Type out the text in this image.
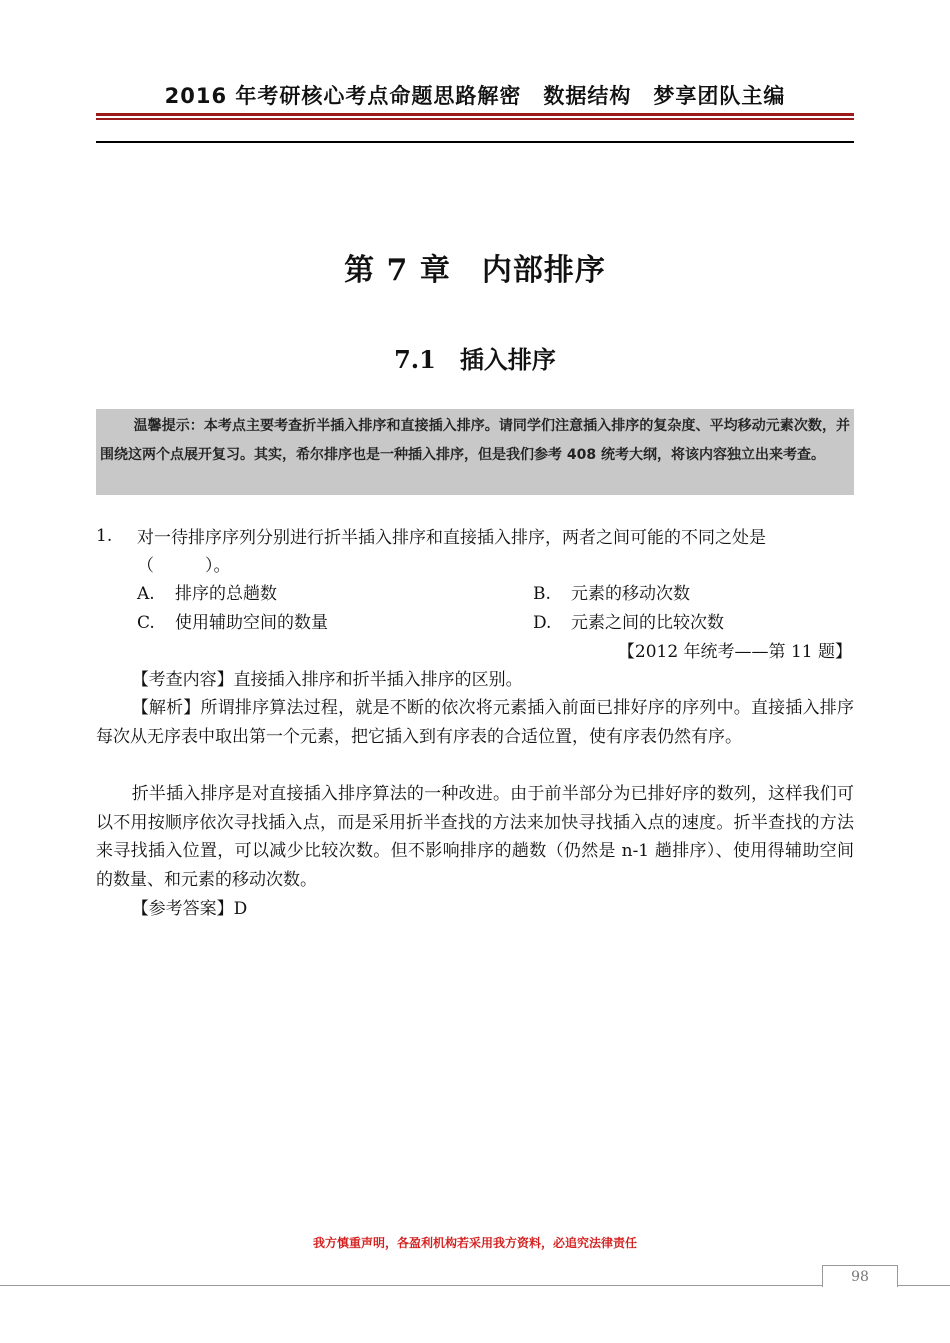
2016 年考研核心考点命题思路解密　数据结构　梦享团队主编
第 7 章　内部排序
7.1　插入排序
温馨提示：本考点主要考查折半插入排序和直接插入排序。请同学们注意插入排序的复杂度、平均移动元素次数，并围绕这两个点展开复习。其实，希尔排序也是一种插入排序，但是我们参考 408 统考大纲，将该内容独立出来考查。
1. 对一待排序序列分别进行折半插入排序和直接插入排序，两者之间可能的不同之处是（　　　）。
A. 排序的总趟数	B. 元素的移动次数
C. 使用辅助空间的数量	D. 元素之间的比较次数
【2012 年统考——第 11 题】
【考查内容】直接插入排序和折半插入排序的区别。
【解析】所谓排序算法过程，就是不断的依次将元素插入前面已排好序的序列中。直接插入排序每次从无序表中取出第一个元素，把它插入到有序表的合适位置，使有序表仍然有序。
折半插入排序是对直接插入排序算法的一种改进。由于前半部分为已排好序的数列，这样我们可以不用按顺序依次寻找插入点，而是采用折半查找的方法来加快寻找插入点的速度。折半查找的方法来寻找插入位置，可以减少比较次数。但不影响排序的趟数（仍然是 n-1 趟排序）、使用得辅助空间的数量、和元素的移动次数。
【参考答案】D
我方慎重声明，各盈利机构若采用我方资料，必追究法律责任
98
